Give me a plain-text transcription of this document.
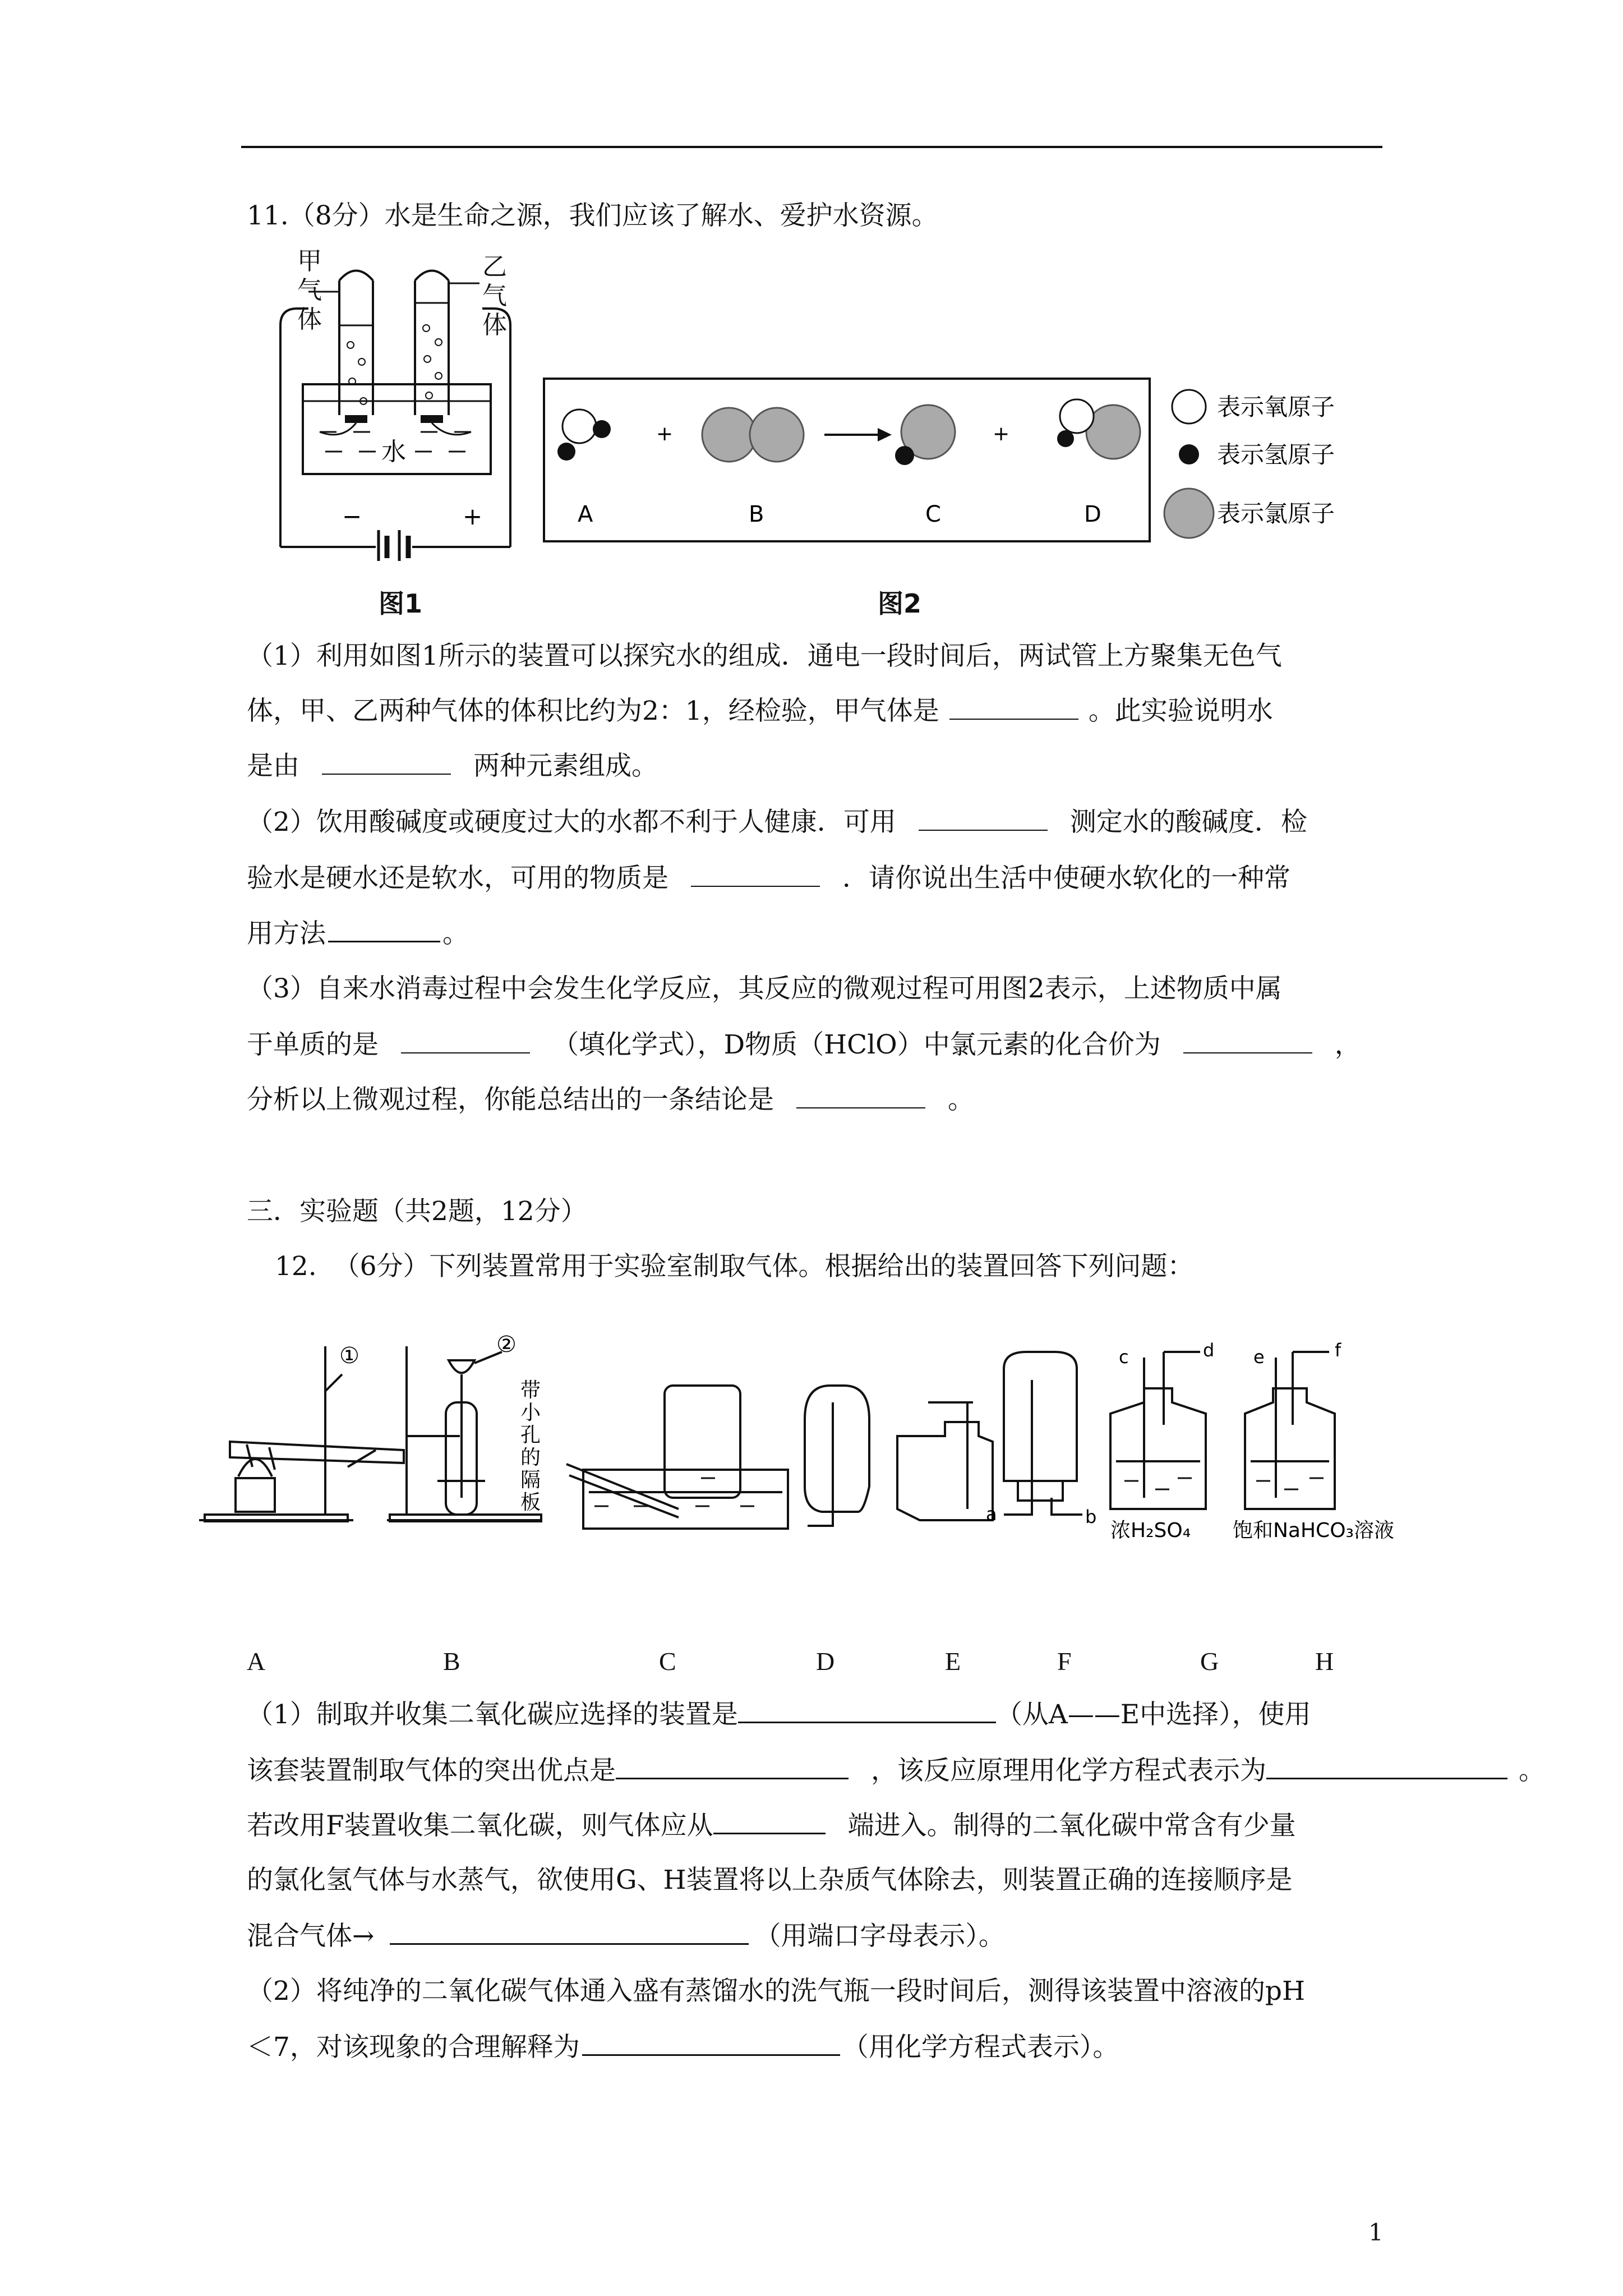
11.（8分）水是生命之源，我们应该了解水、爱护水资源。
−	+
水
甲气体
乙气体
图1
+	+
A	B	C	D
表示氧原子
表示氢原子
表示氯原子
图2
（1）利用如图1所示的装置可以探究水的组成．通电一段时间后，两试管上方聚集无色气
体，甲、乙两种气体的体积比约为2：1，经检验，甲气体是	。此实验说明水
是由	两种元素组成。
（2）饮用酸碱度或硬度过大的水都不利于人健康．可用	测定水的酸碱度．检
验水是硬水还是软水，可用的物质是	．请你说出生活中使硬水软化的一种常
用方法	。
（3）自来水消毒过程中会发生化学反应，其反应的微观过程可用图2表示，上述物质中属
于单质的是	（填化学式），D物质（HClO）中氯元素的化合价为	，
分析以上微观过程，你能总结出的一条结论是	。
三．实验题（共2题，12分）
12. （6分）下列装置常用于实验室制取气体。根据给出的装置回答下列问题：
①	②
带
小
孔
的
隔
板	a	b
c	d e	f
浓H₂SO₄ 饱和NaHCO₃溶液
A	B	C	D	E	F	G	H
（1）制取并收集二氧化碳应选择的装置是	（从A——E中选择），使用
该套装置制取气体的突出优点是	，该反应原理用化学方程式表示为	。
若改用F装置收集二氧化碳，则气体应从	端进入。制得的二氧化碳中常含有少量
的氯化氢气体与水蒸气，欲使用G、H装置将以上杂质气体除去，则装置正确的连接顺序是
混合气体→	（用端口字母表示）。
（2）将纯净的二氧化碳气体通入盛有蒸馏水的洗气瓶一段时间后，测得该装置中溶液的pH
＜7，对该现象的合理解释为	（用化学方程式表示）。
1
